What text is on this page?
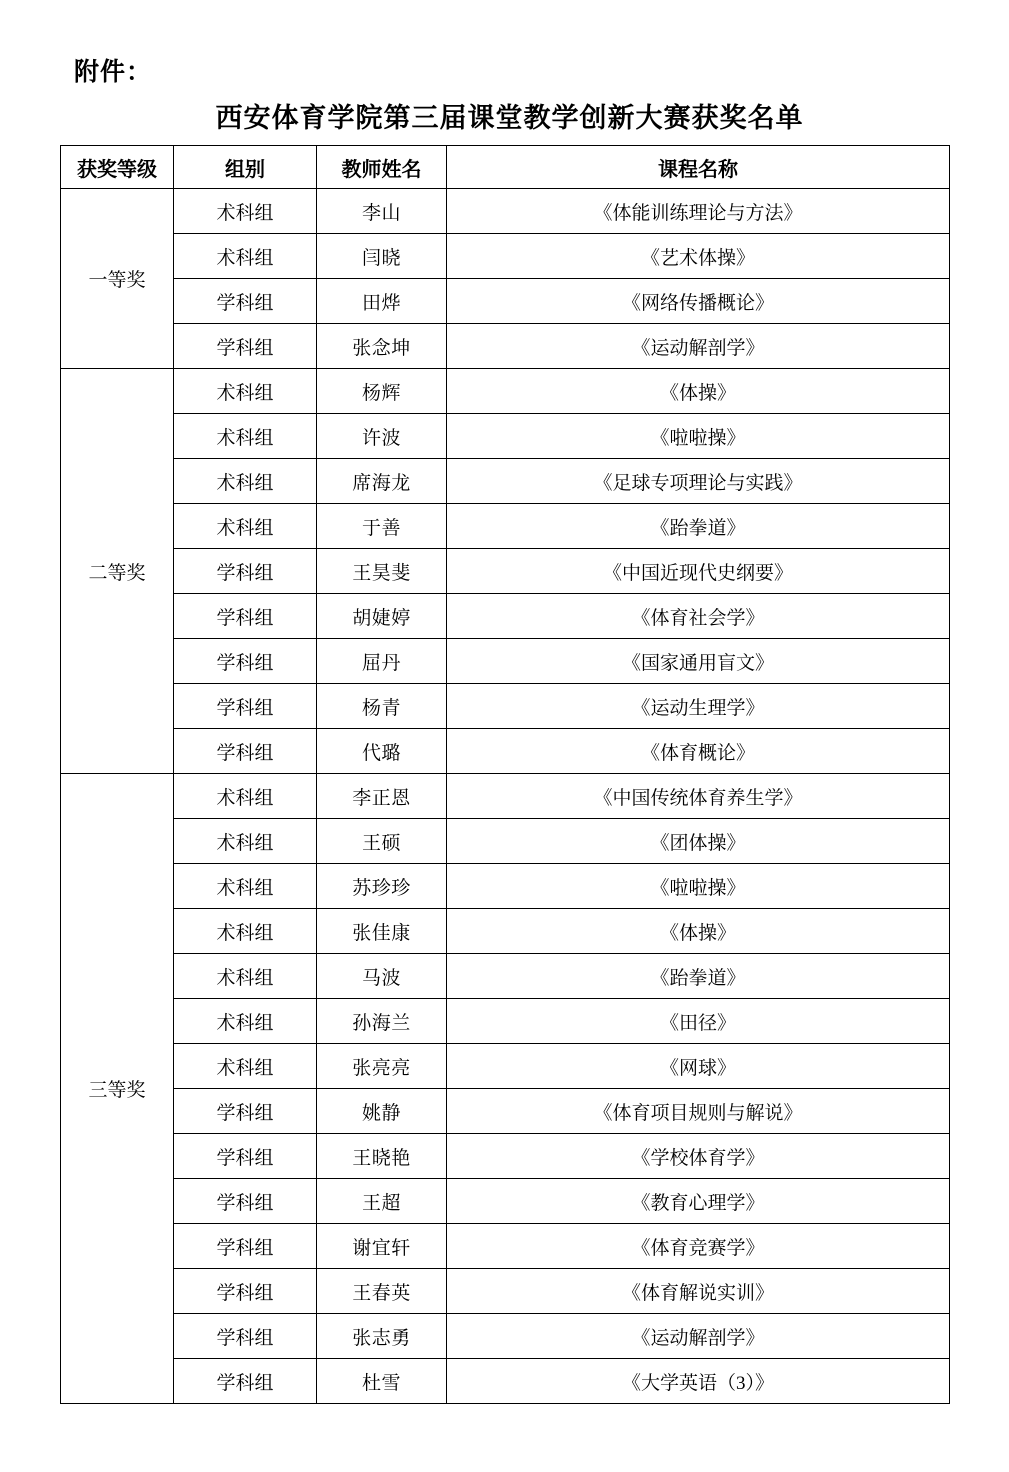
附件：
西安体育学院第三届课堂教学创新大赛获奖名单
获奖等级	组别	教师姓名	课程名称
一等奖	术科组	李山	《体能训练理论与方法》
	术科组	闫晓	《艺术体操》
	学科组	田烨	《网络传播概论》
	学科组	张念坤	《运动解剖学》
二等奖	术科组	杨辉	《体操》
	术科组	许波	《啦啦操》
	术科组	席海龙	《足球专项理论与实践》
	术科组	于善	《跆拳道》
	学科组	王昊斐	《中国近现代史纲要》
	学科组	胡婕婷	《体育社会学》
	学科组	屈丹	《国家通用盲文》
	学科组	杨青	《运动生理学》
	学科组	代璐	《体育概论》
三等奖	术科组	李正恩	《中国传统体育养生学》
	术科组	王硕	《团体操》
	术科组	苏珍珍	《啦啦操》
	术科组	张佳康	《体操》
	术科组	马波	《跆拳道》
	术科组	孙海兰	《田径》
	术科组	张亮亮	《网球》
	学科组	姚静	《体育项目规则与解说》
	学科组	王晓艳	《学校体育学》
	学科组	王超	《教育心理学》
	学科组	谢宜轩	《体育竞赛学》
	学科组	王春英	《体育解说实训》
	学科组	张志勇	《运动解剖学》
	学科组	杜雪	《大学英语（3）》
